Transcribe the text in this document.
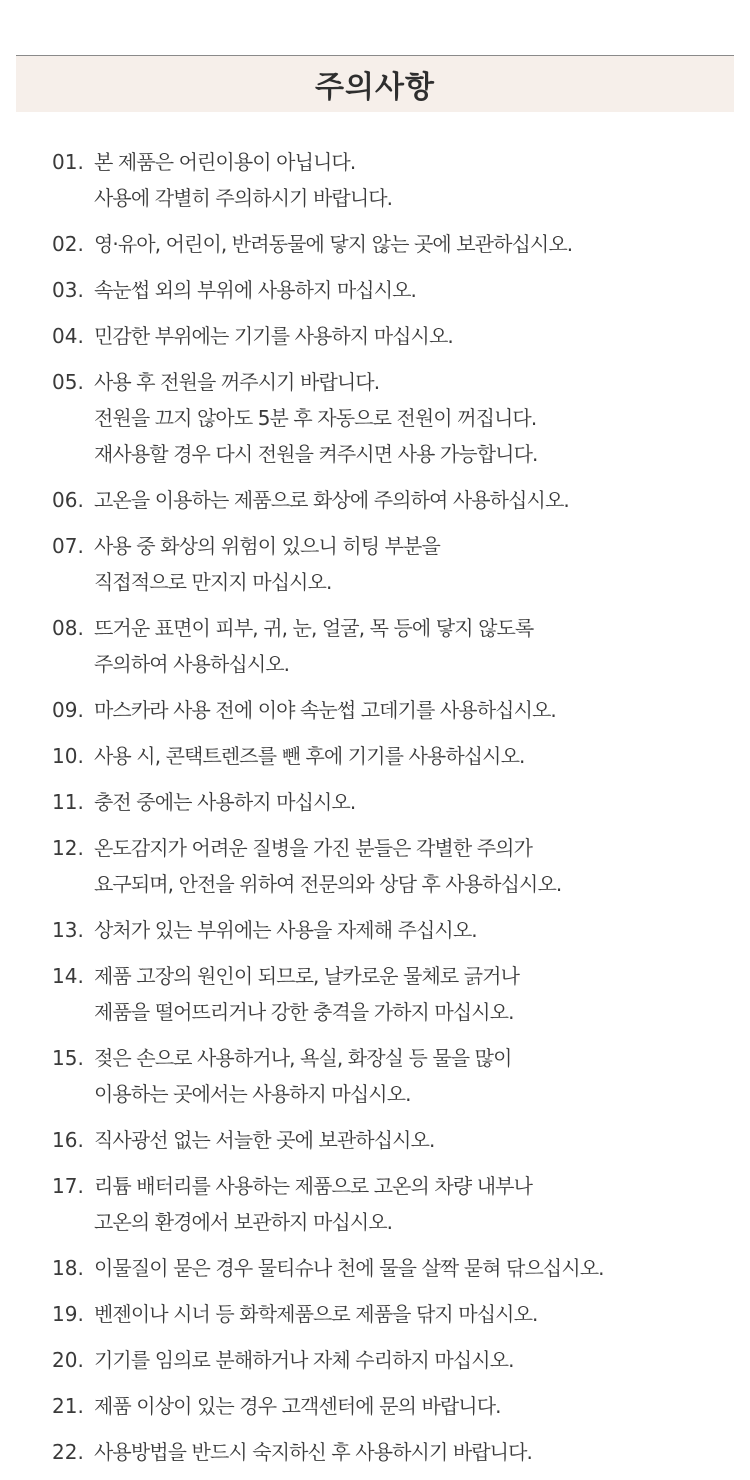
주의사항
01. 본 제품은 어린이용이 아닙니다.
사용에 각별히 주의하시기 바랍니다.
02. 영·유아, 어린이, 반려동물에 닿지 않는 곳에 보관하십시오.
03. 속눈썹 외의 부위에 사용하지 마십시오.
04. 민감한 부위에는 기기를 사용하지 마십시오.
05. 사용 후 전원을 꺼주시기 바랍니다.
전원을 끄지 않아도 5분 후 자동으로 전원이 꺼집니다.
재사용할 경우 다시 전원을 켜주시면 사용 가능합니다.
06. 고온을 이용하는 제품으로 화상에 주의하여 사용하십시오.
07. 사용 중 화상의 위험이 있으니 히팅 부분을
직접적으로 만지지 마십시오.
08. 뜨거운 표면이 피부, 귀, 눈, 얼굴, 목 등에 닿지 않도록
주의하여 사용하십시오.
09. 마스카라 사용 전에 이야 속눈썹 고데기를 사용하십시오.
10. 사용 시, 콘택트렌즈를 뺀 후에 기기를 사용하십시오.
11. 충전 중에는 사용하지 마십시오.
12. 온도감지가 어려운 질병을 가진 분들은 각별한 주의가
요구되며, 안전을 위하여 전문의와 상담 후 사용하십시오.
13. 상처가 있는 부위에는 사용을 자제해 주십시오.
14. 제품 고장의 원인이 되므로, 날카로운 물체로 긁거나
제품을 떨어뜨리거나 강한 충격을 가하지 마십시오.
15. 젖은 손으로 사용하거나, 욕실, 화장실 등 물을 많이
이용하는 곳에서는 사용하지 마십시오.
16. 직사광선 없는 서늘한 곳에 보관하십시오.
17. 리튬 배터리를 사용하는 제품으로 고온의 차량 내부나
고온의 환경에서 보관하지 마십시오.
18. 이물질이 묻은 경우 물티슈나 천에 물을 살짝 묻혀 닦으십시오.
19. 벤젠이나 시너 등 화학제품으로 제품을 닦지 마십시오.
20. 기기를 임의로 분해하거나 자체 수리하지 마십시오.
21. 제품 이상이 있는 경우 고객센터에 문의 바랍니다.
22. 사용방법을 반드시 숙지하신 후 사용하시기 바랍니다.
